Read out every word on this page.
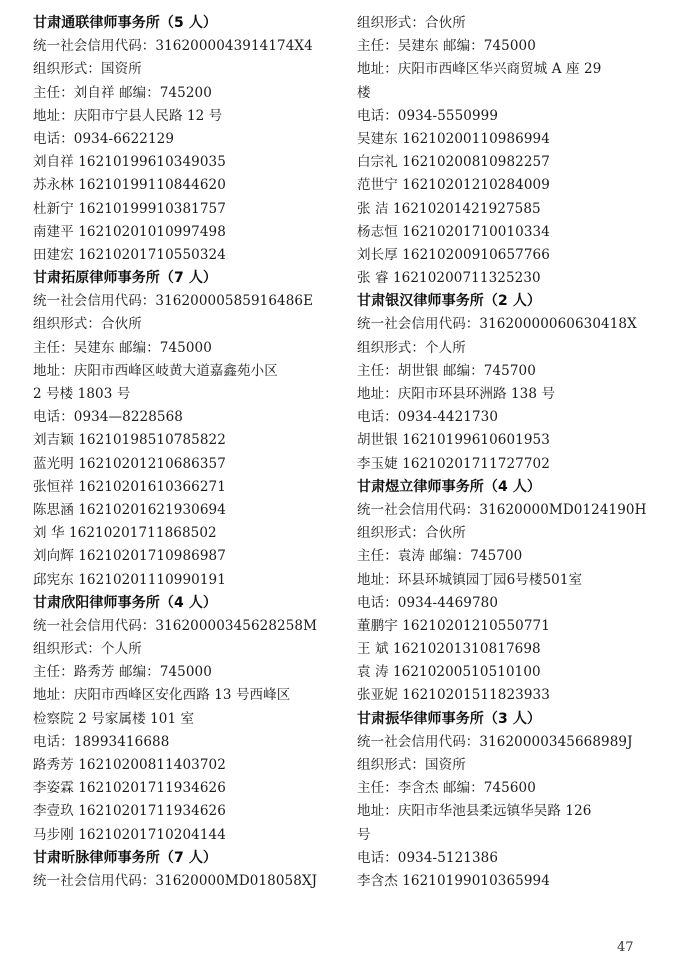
甘肃通联律师事务所（5 人）
统一社会信用代码：3162000043914174X4
组织形式：国资所
主任：刘自祥 邮编：745200
地址：庆阳市宁县人民路 12 号
电话：0934-6622129
刘自祥 16210199610349035
苏永林 16210199110844620
杜新宁 16210199910381757
南建平 16210201010997498
田建宏 16210201710550324
甘肃拓原律师事务所（7 人）
统一社会信用代码：31620000585916486E
组织形式：合伙所
主任：吴建东 邮编：745000
地址：庆阳市西峰区岐黄大道嘉鑫苑小区
2 号楼 1803 号
电话：0934—8228568
刘吉颖 16210198510785822
蓝光明 16210201210686357
张恒祥 16210201610366271
陈思涵 16210201621930694
刘 华 16210201711868502
刘向辉 16210201710986987
邱宪东 16210201110990191
甘肃欣阳律师事务所（4 人）
统一社会信用代码：31620000345628258M
组织形式：个人所
主任：路秀芳 邮编：745000
地址：庆阳市西峰区安化西路 13 号西峰区
检察院 2 号家属楼 101 室
电话：18993416688
路秀芳 16210200811403702
李姿霖 16210201711934626
李壹玖 16210201711934626
马步刚 16210201710204144
甘肃昕脉律师事务所（7 人）
统一社会信用代码：31620000MD018058XJ
组织形式：合伙所
主任：吴建东 邮编：745000
地址：庆阳市西峰区华兴商贸城 A 座 29
楼
电话：0934-5550999
吴建东 16210200110986994
白宗礼 16210200810982257
范世宁 16210201210284009
张 洁 16210201421927585
杨志恒 16210201710010334
刘长厚 16210200910657766
张 睿 16210200711325230
甘肃银汉律师事务所（2 人）
统一社会信用代码：31620000060630418X
组织形式：个人所
主任：胡世银 邮编：745700
地址：庆阳市环县环洲路 138 号
电话：0934-4421730
胡世银 16210199610601953
李玉婕 16210201711727702
甘肃煜立律师事务所（4 人）
统一社会信用代码：31620000MD0124190H
组织形式：合伙所
主任：袁涛 邮编：745700
地址：环县环城镇园丁园6号楼501室
电话：0934-4469780
董鹏宇 16210201210550771
王 斌 16210201310817698
袁 涛 16210200510510100
张亚妮 16210201511823933
甘肃振华律师事务所（3 人）
统一社会信用代码：31620000345668989J
组织形式：国资所
主任：李含杰 邮编：745600
地址：庆阳市华池县柔远镇华吴路 126
号
电话：0934-5121386
李含杰 16210199010365994
47
